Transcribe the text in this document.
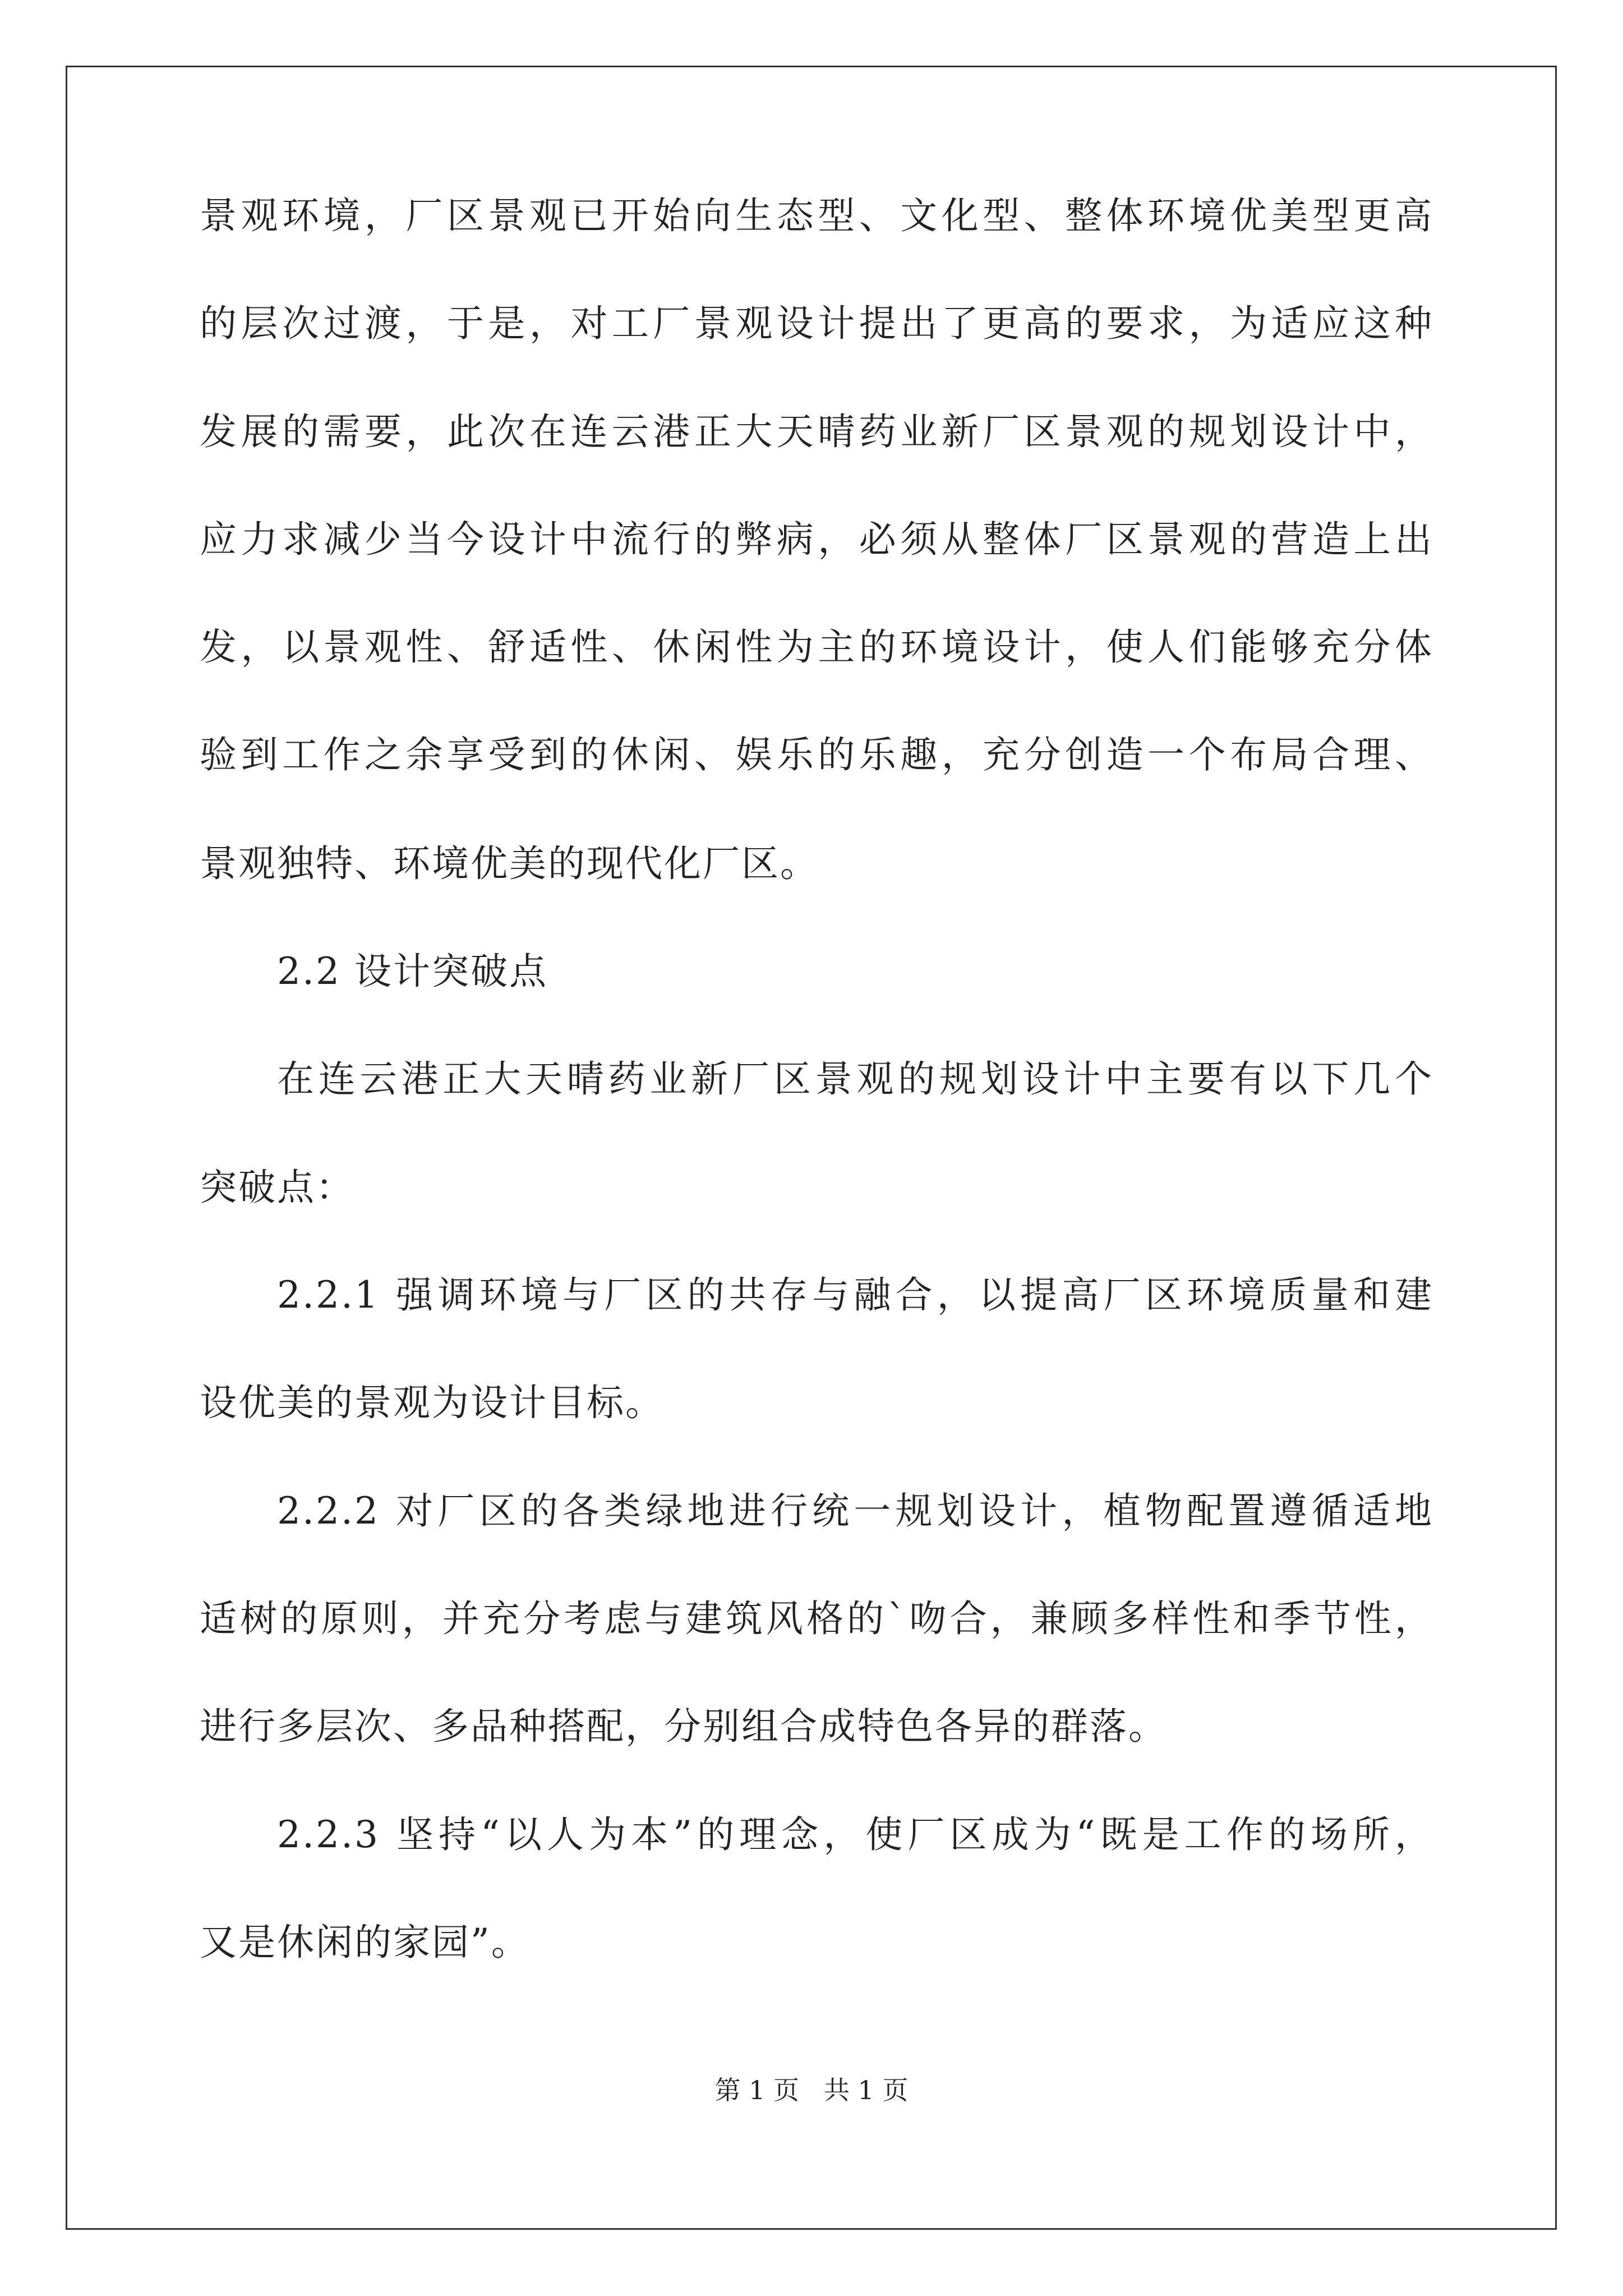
景观环境，厂区景观已开始向生态型、文化型、整体环境优美型更高
的层次过渡，于是，对工厂景观设计提出了更高的要求，为适应这种
发展的需要，此次在连云港正大天晴药业新厂区景观的规划设计中，
应力求减少当今设计中流行的弊病，必须从整体厂区景观的营造上出
发，以景观性、舒适性、休闲性为主的环境设计，使人们能够充分体
验到工作之余享受到的休闲、娱乐的乐趣，充分创造一个布局合理、
景观独特、环境优美的现代化厂区。
2.2 设计突破点
在连云港正大天晴药业新厂区景观的规划设计中主要有以下几个
突破点：
2.2.1 强调环境与厂区的共存与融合，以提高厂区环境质量和建
设优美的景观为设计目标。
2.2.2 对厂区的各类绿地进行统一规划设计，植物配置遵循适地
适树的原则，并充分考虑与建筑风格的`吻合，兼顾多样性和季节性，
进行多层次、多品种搭配，分别组合成特色各异的群落。
2.2.3 坚持“以人为本”的理念，使厂区成为“既是工作的场所，
又是休闲的家园”。
第 1 页   共 1 页
